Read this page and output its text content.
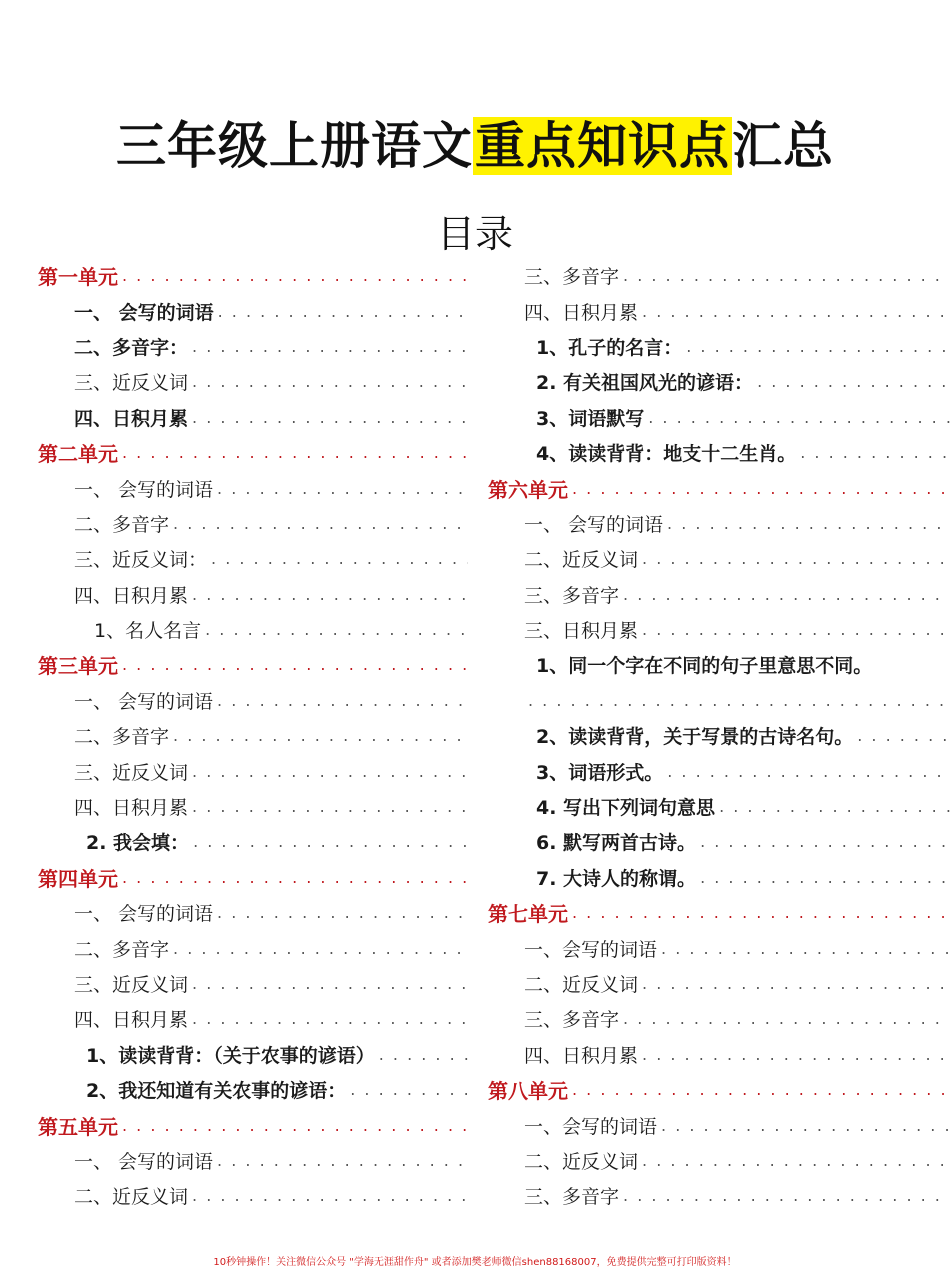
三年级上册语文重点知识点汇总
目录
第一单元
. . .
一、 会写的词语
. . .
二、多音字：
. . .
三、近反义词
. . .
四、日积月累
. . .
第二单元
. . .
一、 会写的词语
. . .
二、多音字
. . .
三、近反义词：
. . .
四、日积月累
. . .
1、名人名言
. . .
第三单元
. . .
一、 会写的词语
. . .
二、多音字
. . .
三、近反义词
. . .
四、日积月累
. . .
2. 我会填：
. . .
第四单元
. . .
一、 会写的词语
. . .
二、多音字
. . .
三、近反义词
. . .
四、日积月累
. . .
1、读读背背：（关于农事的谚语）
. . .
2、我还知道有关农事的谚语：
. . .
第五单元
. . .
一、 会写的词语
. . .
二、近反义词
. . .
三、多音字
. . .
四、日积月累
. . .
1、孔子的名言：
. . .
2. 有关祖国风光的谚语：
. . .
3、词语默写
. . .
4、读读背背：地支十二生肖。
. . .
第六单元
. . .
一、 会写的词语
. . .
二、近反义词
. . .
三、多音字
. . .
三、日积月累
. . .
1、同一个字在不同的句子里意思不同。
. . .
2、读读背背，关于写景的古诗名句。
. . .
3、词语形式。
. . .
4. 写出下列词句意思
. . .
6. 默写两首古诗。
. . .
7. 大诗人的称谓。
. . .
第七单元
. . .
一、会写的词语
. . .
二、近反义词
. . .
三、多音字
. . .
四、日积月累
. . .
第八单元
. . .
一、会写的词语
. . .
二、近反义词
. . .
三、多音字
. . .
10秒钟操作！关注微信公众号 "学海无涯甜作舟" 或者添加樊老师微信shen88168007，免费提供完整可打印版资料！
